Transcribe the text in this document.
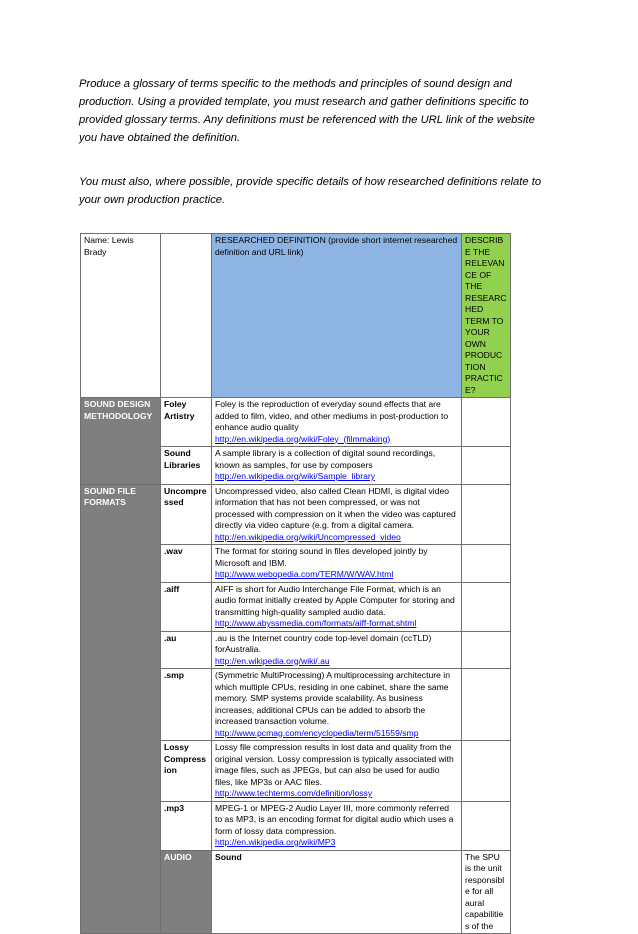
Produce a glossary of terms specific to the methods and principles of sound design and production. Using a provided template, you must research and gather definitions specific to provided glossary terms. Any definitions must be referenced with the URL link of the website you have obtained the definition.

You must also, where possible, provide specific details of how researched definitions relate to your own production practice.

Name: Lewis Brady		RESEARCHED DEFINITION (provide short internet researched definition and URL link)	DESCRIBE THE RELEVANCE OF THE RESEARCHED TERM TO YOUR OWN PRODUCTION PRACTICE?	
SOUND DESIGN METHODOLOGY	Foley Artistry	Foley is the reproduction of everyday sound effects that are added to film, video, and other mediums in post-production to enhance audio quality
http://en.wikipedia.org/wiki/Foley_(filmmaking)		
	Sound Libraries	A sample library is a collection of digital sound recordings, known as samples, for use by composers
http://en.wikipedia.org/wiki/Sample_library		
SOUND FILE FORMATS	Uncompressed	Uncompressed video, also called Clean HDMI, is digital video information that has not been compressed, or was not processed with compression on it when the video was captured directly via video capture (e.g. from a digital camera.
http://en.wikipedia.org/wiki/Uncompressed_video		
	.wav	The format for storing sound in files developed jointly by Microsoft and IBM.
http://www.webopedia.com/TERM/W/WAV.html		
	.aiff	AIFF is short for Audio Interchange File Format, which is an audio format initially created by Apple Computer for storing and transmitting high-quality sampled audio data.
http://www.abyssmedia.com/formats/aiff-format.shtml		
	.au	.au is the Internet country code top-level domain (ccTLD) forAustralia.
http://en.wikipedia.org/wiki/.au		
	.smp	(Symmetric MultiProcessing) A multiprocessing architecture in which multiple CPUs, residing in one cabinet, share the same memory. SMP systems provide scalability. As business increases, additional CPUs can be added to absorb the increased transaction volume.
http://www.pcmag.com/encyclopedia/term/51559/smp		
	Lossy Compression	Lossy file compression results in lost data and quality from the original version. Lossy compression is typically associated with image files, such as JPEGs, but can also be used for audio files, like MP3s or AAC files.
http://www.techterms.com/definition/lossy		
	.mp3	MPEG-1 or MPEG-2 Audio Layer III, more commonly referred to as MP3, is an encoding format for digital audio which uses a form of lossy data compression.
http://en.wikipedia.org/wiki/MP3		
	AUDIO	Sound	The SPU is the unit responsible for all aural capabilities of the	
